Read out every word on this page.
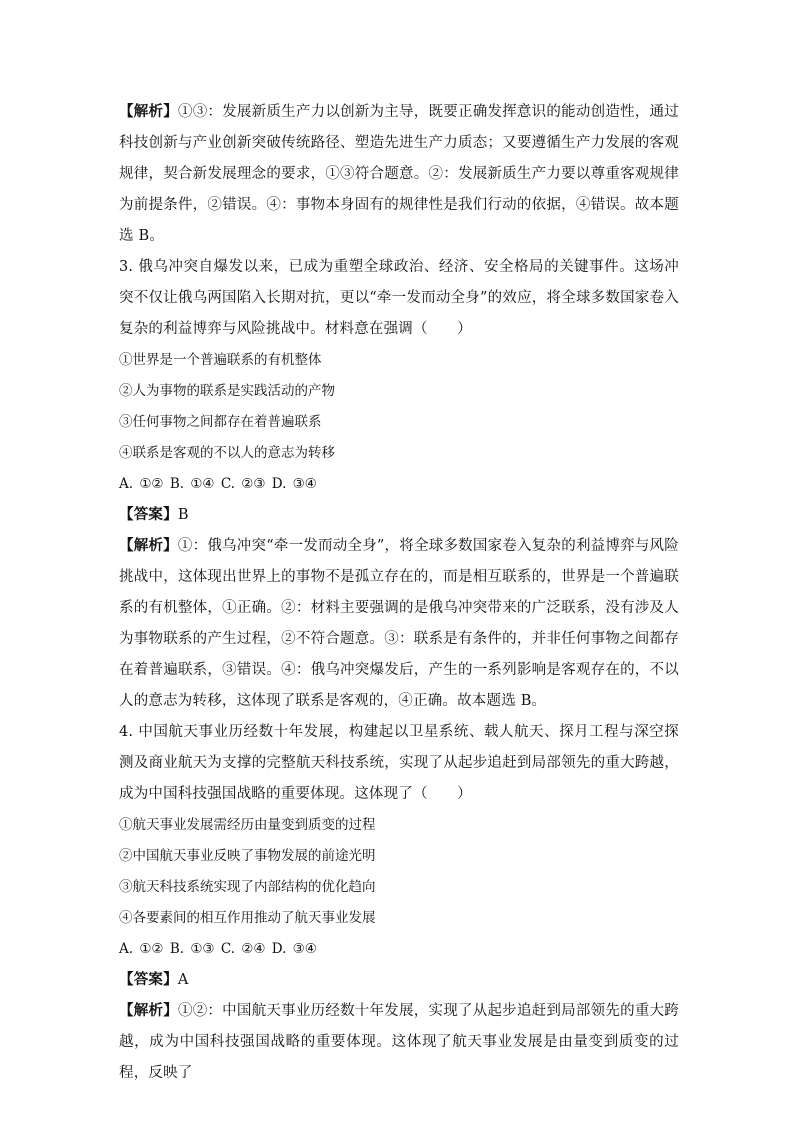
【解析】①③：发展新质生产力以创新为主导，既要正确发挥意识的能动创造性，通过科技创新与产业创新突破传统路径、塑造先进生产力质态；又要遵循生产力发展的客观规律，契合新发展理念的要求，①③符合题意。②：发展新质生产力要以尊重客观规律为前提条件，②错误。④：事物本身固有的规律性是我们行动的依据，④错误。故本题选 B。

3. 俄乌冲突自爆发以来，已成为重塑全球政治、经济、安全格局的关键事件。这场冲突不仅让俄乌两国陷入长期对抗，更以“牵一发而动全身”的效应，将全球多数国家卷入复杂的利益博弈与风险挑战中。材料意在强调（　　）

①世界是一个普遍联系的有机整体

②人为事物的联系是实践活动的产物

③任何事物之间都存在着普遍联系

④联系是客观的不以人的意志为转移

A. ①② B. ①④ C. ②③ D. ③④

【答案】B

【解析】①：俄乌冲突“牵一发而动全身”，将全球多数国家卷入复杂的利益博弈与风险挑战中，这体现出世界上的事物不是孤立存在的，而是相互联系的，世界是一个普遍联系的有机整体，①正确。②：材料主要强调的是俄乌冲突带来的广泛联系，没有涉及人为事物联系的产生过程，②不符合题意。③：联系是有条件的，并非任何事物之间都存在着普遍联系，③错误。④：俄乌冲突爆发后，产生的一系列影响是客观存在的，不以人的意志为转移，这体现了联系是客观的，④正确。故本题选 B。

4. 中国航天事业历经数十年发展，构建起以卫星系统、载人航天、探月工程与深空探测及商业航天为支撑的完整航天科技系统，实现了从起步追赶到局部领先的重大跨越，成为中国科技强国战略的重要体现。这体现了（　　）

①航天事业发展需经历由量变到质变的过程

②中国航天事业反映了事物发展的前途光明

③航天科技系统实现了内部结构的优化趋向

④各要素间的相互作用推动了航天事业发展

A. ①② B. ①③ C. ②④ D. ③④

【答案】A

【解析】①②：中国航天事业历经数十年发展，实现了从起步追赶到局部领先的重大跨越，成为中国科技强国战略的重要体现。这体现了航天事业发展是由量变到质变的过程，反映了
